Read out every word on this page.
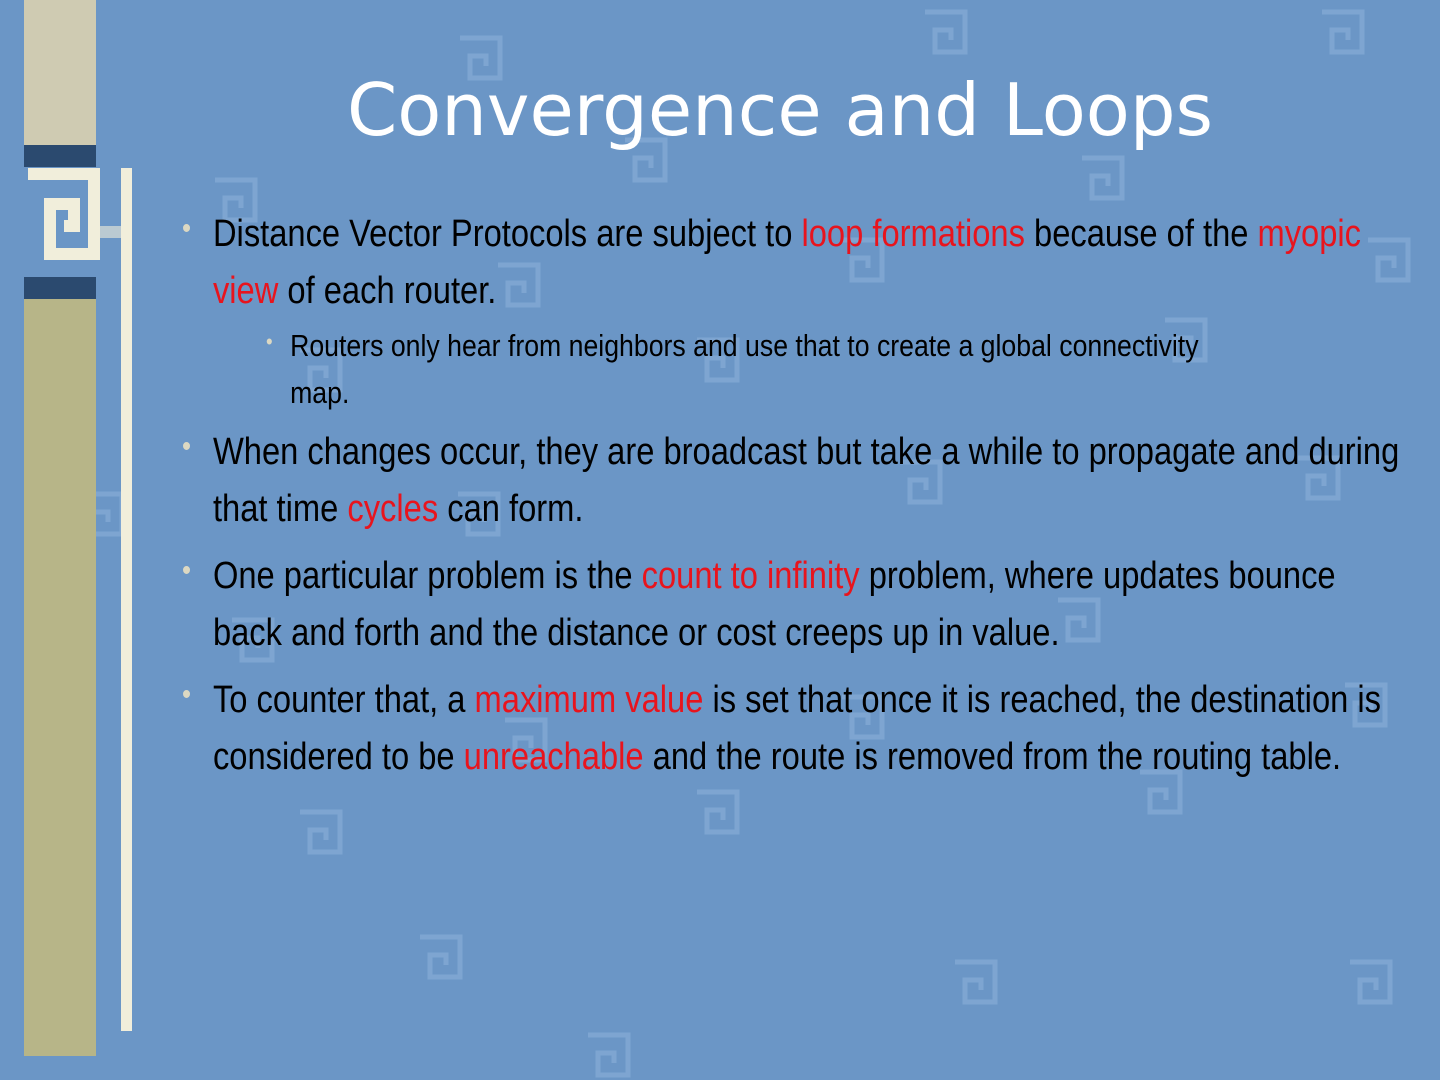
Convergence and Loops
• Distance Vector Protocols are subject to loop formations because of the myopic view of each router.
• Routers only hear from neighbors and use that to create a global connectivity map.
• When changes occur, they are broadcast but take a while to propagate and during that time cycles can form.
• One particular problem is the count to infinity problem, where updates bounce back and forth and the distance or cost creeps up in value.
• To counter that, a maximum value is set that once it is reached, the destination is considered to be unreachable and the route is removed from the routing table.
